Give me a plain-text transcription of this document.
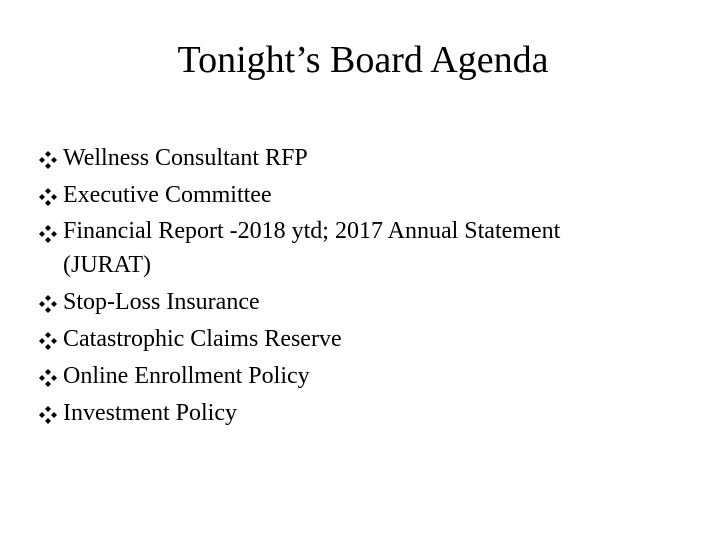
Tonight’s Board Agenda
Wellness Consultant RFP
Executive Committee
Financial Report -2018 ytd; 2017 Annual Statement
(JURAT)
Stop-Loss Insurance
Catastrophic Claims Reserve
Online Enrollment Policy
Investment Policy
